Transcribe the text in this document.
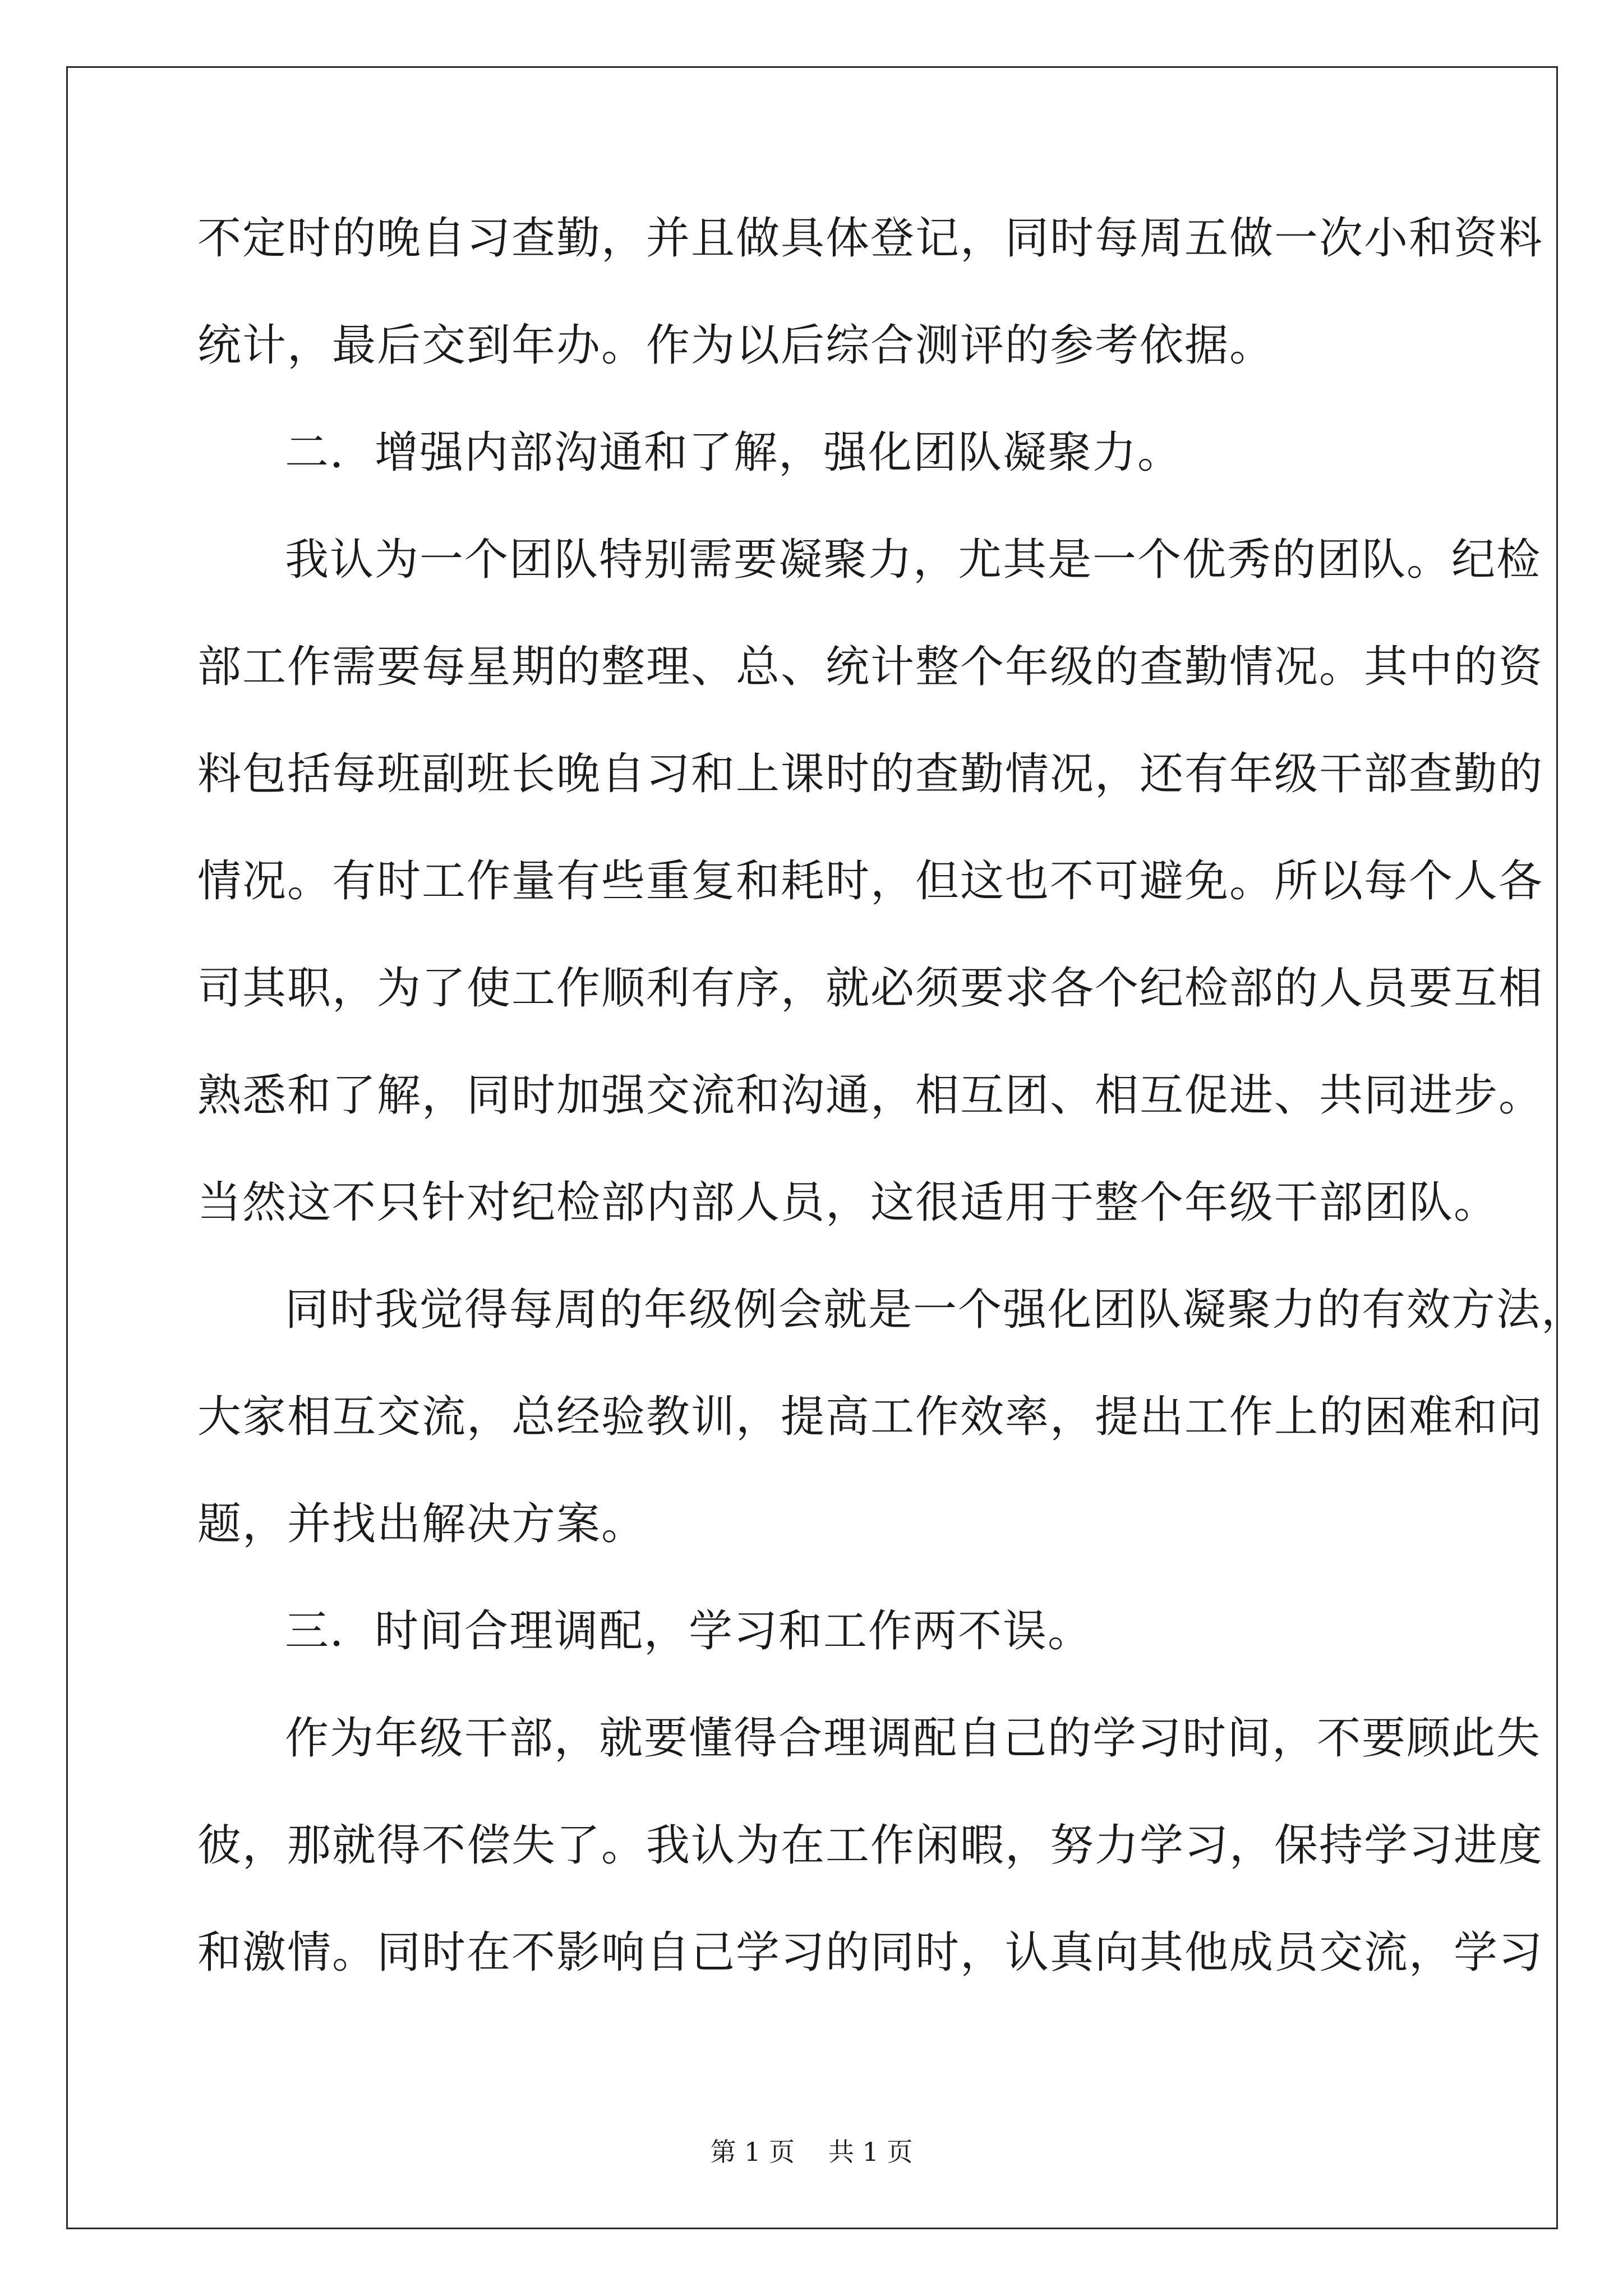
不定时的晚自习查勤，并且做具体登记，同时每周五做一次小和资料
统计，最后交到年办。作为以后综合测评的参考依据。
二．增强内部沟通和了解，强化团队凝聚力。
我认为一个团队特别需要凝聚力，尤其是一个优秀的团队。纪检
部工作需要每星期的整理、总、统计整个年级的查勤情况。其中的资
料包括每班副班长晚自习和上课时的查勤情况，还有年级干部查勤的
情况。有时工作量有些重复和耗时，但这也不可避免。所以每个人各
司其职，为了使工作顺利有序，就必须要求各个纪检部的人员要互相
熟悉和了解，同时加强交流和沟通，相互团、相互促进、共同进步。
当然这不只针对纪检部内部人员，这很适用于整个年级干部团队。
同时我觉得每周的年级例会就是一个强化团队凝聚力的有效方法，
大家相互交流，总经验教训，提高工作效率，提出工作上的困难和问
题，并找出解决方案。
三．时间合理调配，学习和工作两不误。
作为年级干部，就要懂得合理调配自己的学习时间，不要顾此失
彼，那就得不偿失了。我认为在工作闲暇，努力学习，保持学习进度
和激情。同时在不影响自己学习的同时，认真向其他成员交流，学习
第 1 页 共 1 页
